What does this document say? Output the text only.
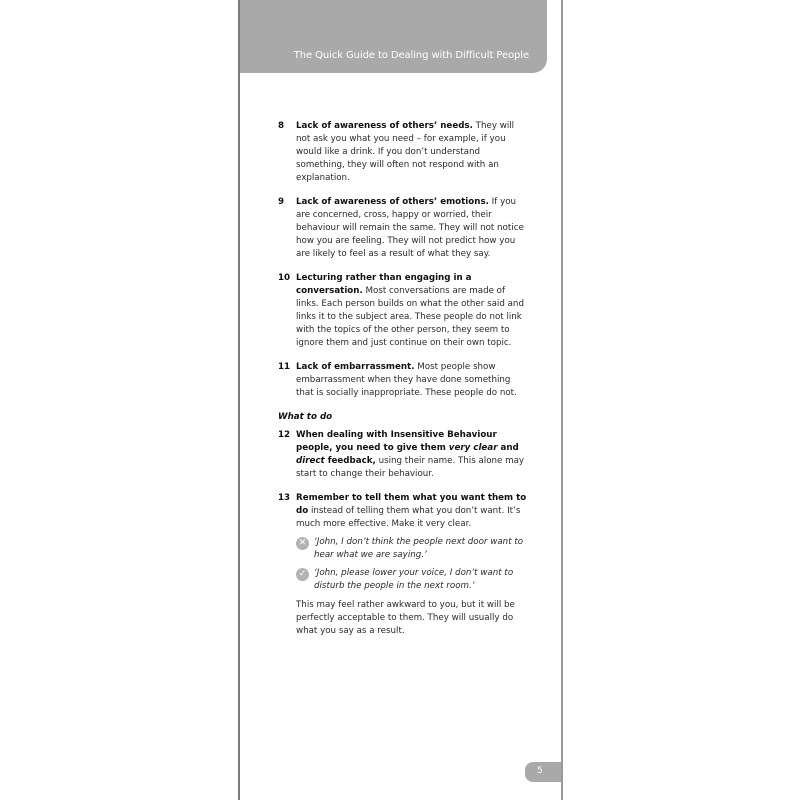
The Quick Guide to Dealing with Difficult People
8 Lack of awareness of others’ needs. They will not ask you what you need – for example, if you would like a drink. If you don’t understand something, they will often not respond with an explanation.
9 Lack of awareness of others’ emotions. If you are concerned, cross, happy or worried, their behaviour will remain the same. They will not notice how you are feeling. They will not predict how you are likely to feel as a result of what they say.
10 Lecturing rather than engaging in a conversation. Most conversations are made of links. Each person builds on what the other said and links it to the subject area. These people do not link with the topics of the other person, they seem to ignore them and just continue on their own topic.
11 Lack of embarrassment. Most people show embarrassment when they have done something that is socially inappropriate. These people do not.
What to do
12 When dealing with Insensitive Behaviour people, you need to give them very clear and direct feedback, using their name. This alone may start to change their behaviour.
13 Remember to tell them what you want them to do instead of telling them what you don’t want. It’s much more effective. Make it very clear.
✕ ‘John, I don’t think the people next door want to hear what we are saying.’
✓ ‘John, please lower your voice, I don’t want to disturb the people in the next room.’
This may feel rather awkward to you, but it will be perfectly acceptable to them. They will usually do what you say as a result.
5
